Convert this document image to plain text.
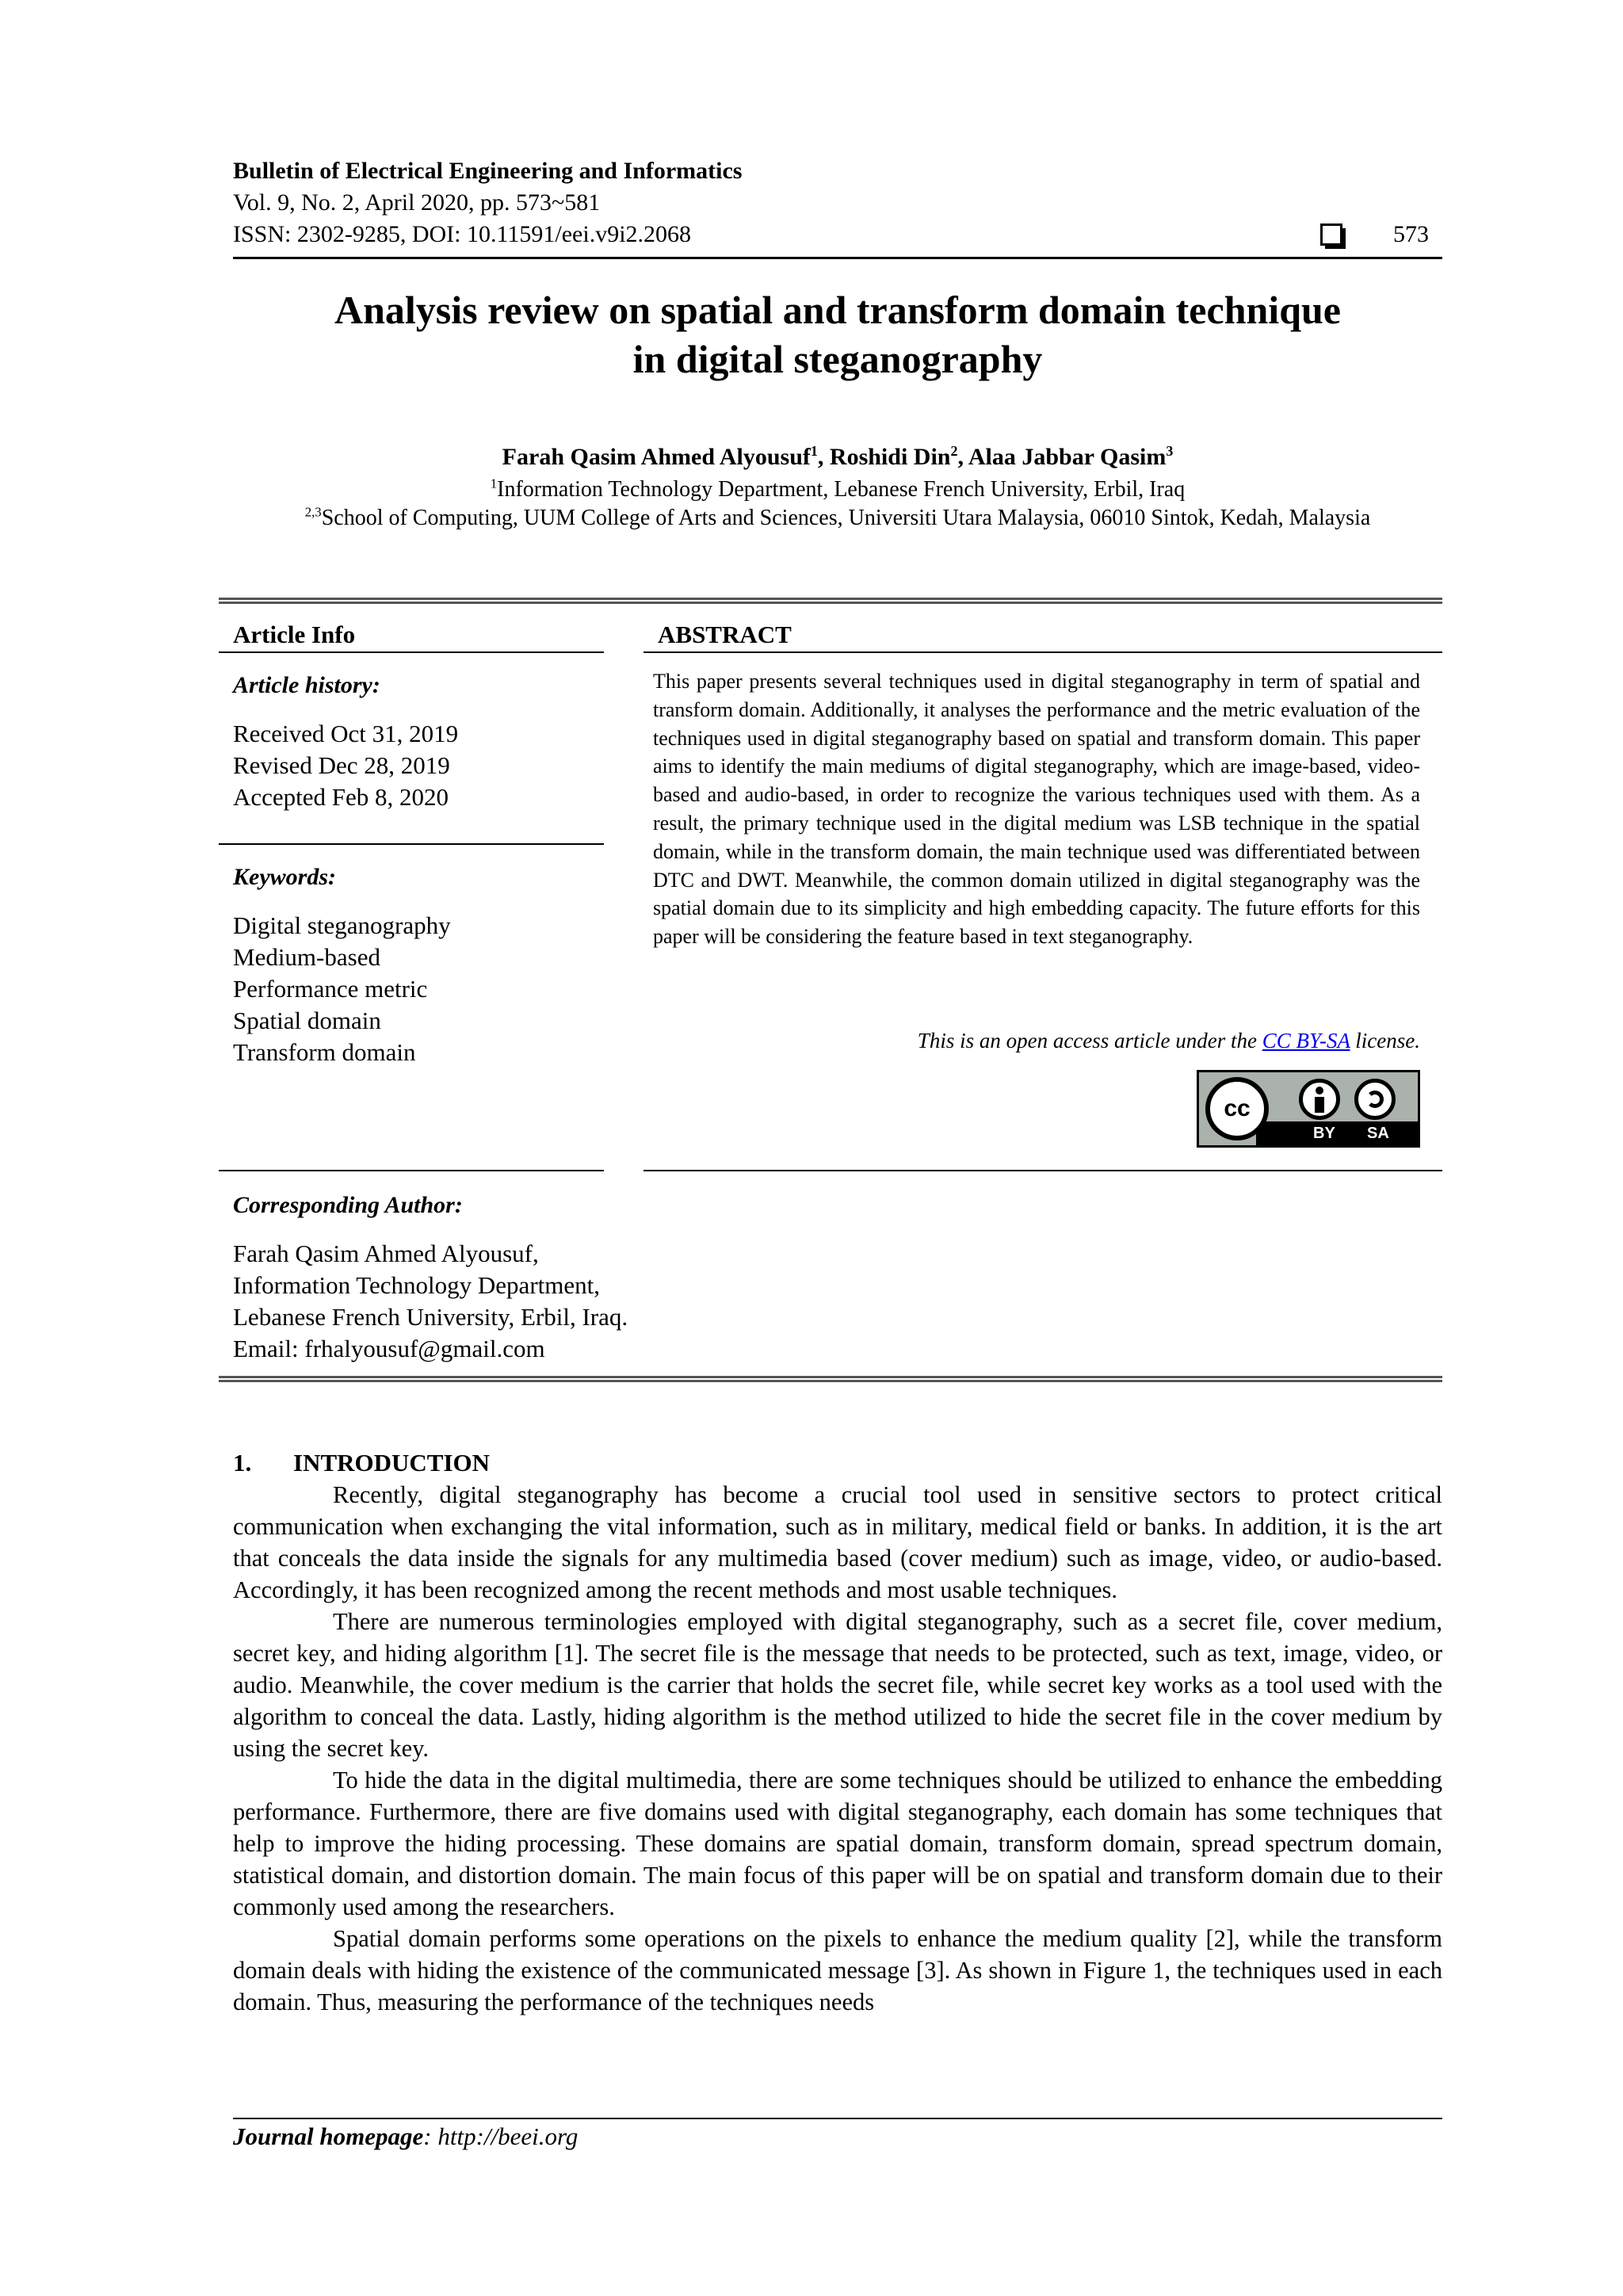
Bulletin of Electrical Engineering and Informatics
Vol. 9, No. 2, April 2020, pp. 573~581
ISSN: 2302-9285, DOI: 10.11591/eei.v9i2.2068	573
Analysis review on spatial and transform domain technique
in digital steganography
Farah Qasim Ahmed Alyousuf$^1$, Roshidi Din$^2$, Alaa Jabbar Qasim$^3$
$^1$Information Technology Department, Lebanese French University, Erbil, Iraq
$^{2,3}$School of Computing, UUM College of Arts and Sciences, Universiti Utara Malaysia, 06010 Sintok, Kedah, Malaysia
Article Info
Article history:
Received Oct 31, 2019
Revised Dec 28, 2019
Accepted Feb 8, 2020
Keywords:
Digital steganography
Medium-based
Performance metric
Spatial domain
Transform domain
ABSTRACT
This paper presents several techniques used in digital steganography in term of spatial and transform domain. Additionally, it analyses the performance and the metric evaluation of the techniques used in digital steganography based on spatial and transform domain. This paper aims to identify the main mediums of digital steganography, which are image-based, video-based and audio-based, in order to recognize the various techniques used with them. As a result, the primary technique used in the digital medium was LSB technique in the spatial domain, while in the transform domain, the main technique used was differentiated between DTC and DWT. Meanwhile, the common domain utilized in digital steganography was the spatial domain due to its simplicity and high embedding capacity. The future efforts for this paper will be considering the feature based in text steganography.
This is an open access article under the CC BY-SA license.
BY SA
cc
Corresponding Author:
Farah Qasim Ahmed Alyousuf,
Information Technology Department,
Lebanese French University, Erbil, Iraq.
Email: frhalyousuf@gmail.com
1. INTRODUCTION

Recently, digital steganography has become a crucial tool used in sensitive sectors to protect critical communication when exchanging the vital information, such as in military, medical field or banks. In addition, it is the art that conceals the data inside the signals for any multimedia based (cover medium) such as image, video, or audio-based. Accordingly, it has been recognized among the recent methods and most usable techniques.

There are numerous terminologies employed with digital steganography, such as a secret file, cover medium, secret key, and hiding algorithm [1]. The secret file is the message that needs to be protected, such as text, image, video, or audio. Meanwhile, the cover medium is the carrier that holds the secret file, while secret key works as a tool used with the algorithm to conceal the data. Lastly, hiding algorithm is the method utilized to hide the secret file in the cover medium by using the secret key.

To hide the data in the digital multimedia, there are some techniques should be utilized to enhance the embedding performance. Furthermore, there are five domains used with digital steganography, each domain has some techniques that help to improve the hiding processing. These domains are spatial domain, transform domain, spread spectrum domain, statistical domain, and distortion domain. The main focus of this paper will be on spatial and transform domain due to their commonly used among the researchers.

Spatial domain performs some operations on the pixels to enhance the medium quality [2], while the transform domain deals with hiding the existence of the communicated message [3]. As shown in Figure 1, the techniques used in each domain. Thus, measuring the performance of the techniques needs

Journal homepage: http://beei.org
